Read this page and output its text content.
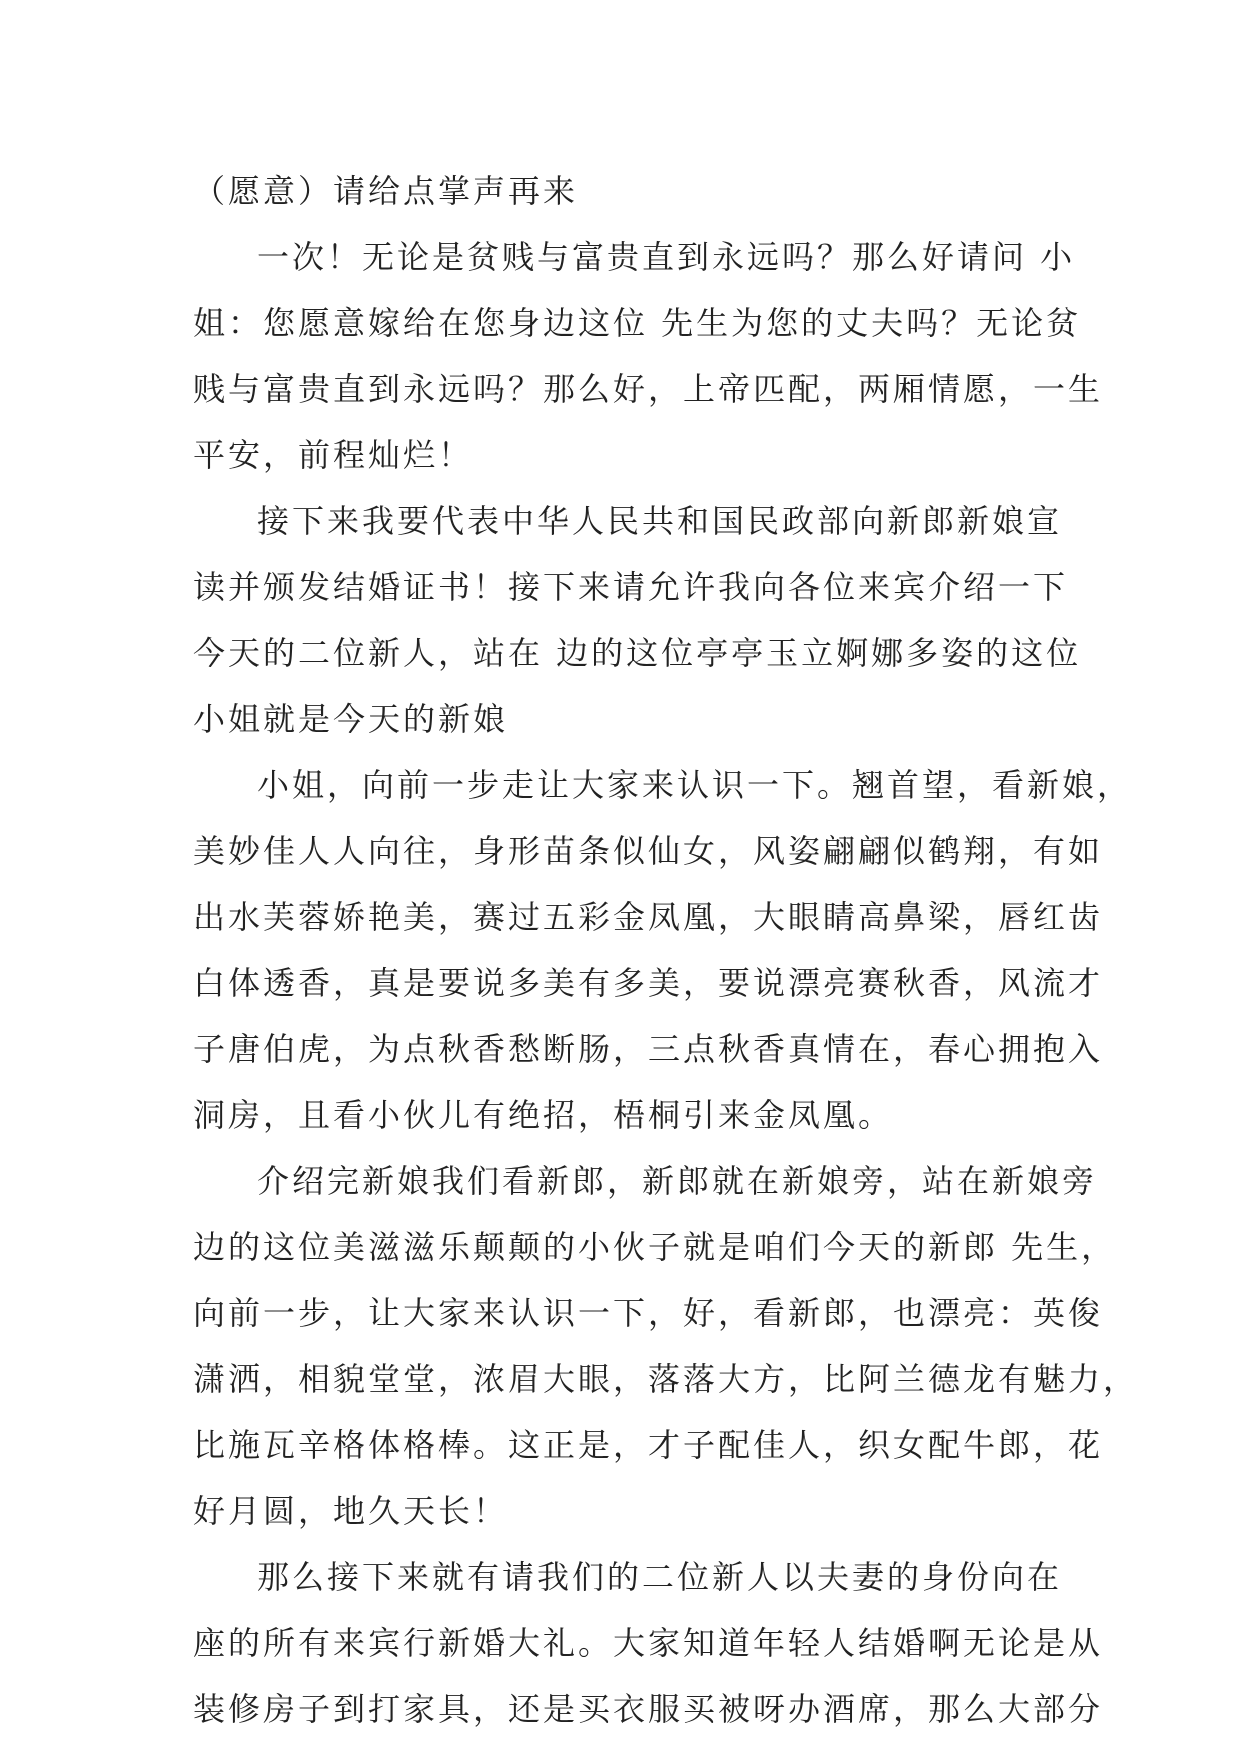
（愿意）请给点掌声再来
一次！无论是贫贱与富贵直到永远吗？那么好请问 小
姐：您愿意嫁给在您身边这位 先生为您的丈夫吗？无论贫
贱与富贵直到永远吗？那么好，上帝匹配，两厢情愿，一生
平安，前程灿烂！
接下来我要代表中华人民共和国民政部向新郎新娘宣
读并颁发结婚证书！接下来请允许我向各位来宾介绍一下
今天的二位新人，站在 边的这位亭亭玉立婀娜多姿的这位
小姐就是今天的新娘
小姐，向前一步走让大家来认识一下。翘首望，看新娘，
美妙佳人人向往，身形苗条似仙女，风姿翩翩似鹤翔，有如
出水芙蓉娇艳美，赛过五彩金凤凰，大眼睛高鼻梁，唇红齿
白体透香，真是要说多美有多美，要说漂亮赛秋香，风流才
子唐伯虎，为点秋香愁断肠，三点秋香真情在，春心拥抱入
洞房，且看小伙儿有绝招，梧桐引来金凤凰。
介绍完新娘我们看新郎，新郎就在新娘旁，站在新娘旁
边的这位美滋滋乐颠颠的小伙子就是咱们今天的新郎 先生，
向前一步，让大家来认识一下，好，看新郎，也漂亮：英俊
潇洒，相貌堂堂，浓眉大眼，落落大方，比阿兰德龙有魅力，
比施瓦辛格体格棒。这正是，才子配佳人，织女配牛郎，花
好月圆，地久天长！
那么接下来就有请我们的二位新人以夫妻的身份向在
座的所有来宾行新婚大礼。大家知道年轻人结婚啊无论是从
装修房子到打家具，还是买衣服买被呀办酒席，那么大部分
